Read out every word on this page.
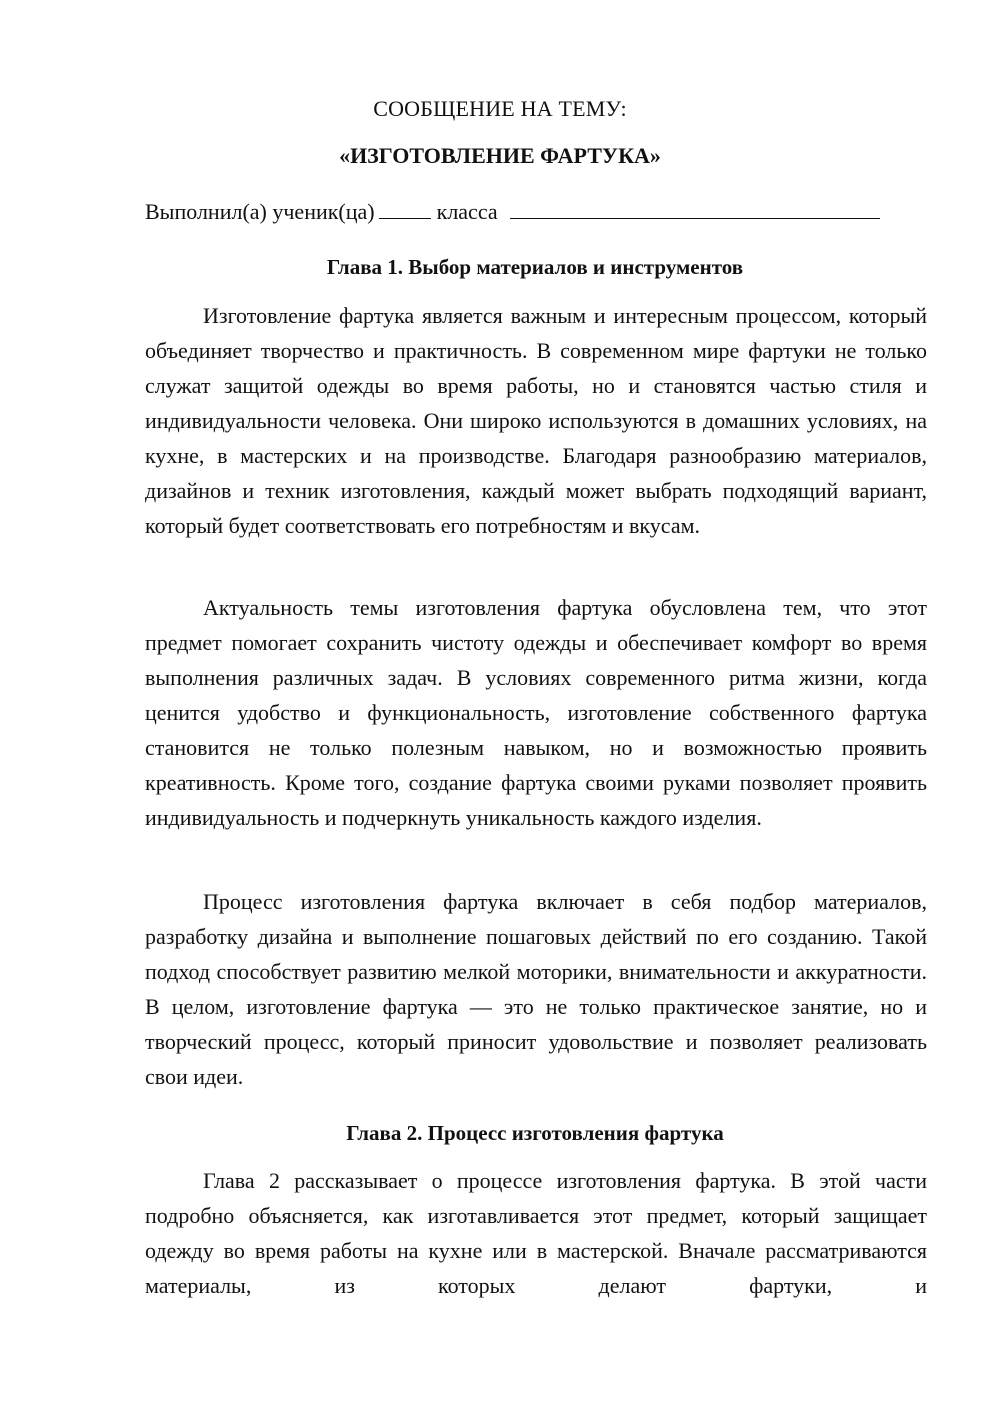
СООБЩЕНИЕ НА ТЕМУ:
«ИЗГОТОВЛЕНИЕ ФАРТУКА»
Выполнил(а) ученик(ца)	класса
Глава 1. Выбор материалов и инструментов

Изготовление фартука является важным и интересным процессом, который объединяет творчество и практичность. В современном мире фартуки не только служат защитой одежды во время работы, но и становятся частью стиля и индивидуальности человека. Они широко используются в домашних условиях, на кухне, в мастерских и на производстве. Благодаря разнообразию материалов, дизайнов и техник изготовления, каждый может выбрать подходящий вариант, который будет соответствовать его потребностям и вкусам.

Актуальность темы изготовления фартука обусловлена тем, что этот предмет помогает сохранить чистоту одежды и обеспечивает комфорт во время выполнения различных задач. В условиях современного ритма жизни, когда ценится удобство и функциональность, изготовление собственного фартука становится не только полезным навыком, но и возможностью проявить креативность. Кроме того, создание фартука своими руками позволяет проявить индивидуальность и подчеркнуть уникальность каждого изделия.

Процесс изготовления фартука включает в себя подбор материалов, разработку дизайна и выполнение пошаговых действий по его созданию. Такой подход способствует развитию мелкой моторики, внимательности и аккуратности. В целом, изготовление фартука — это не только практическое занятие, но и творческий процесс, который приносит удовольствие и позволяет реализовать свои идеи.

Глава 2. Процесс изготовления фартука

Глава 2 рассказывает о процессе изготовления фартука. В этой части подробно объясняется, как изготавливается этот предмет, который защищает одежду во время работы на кухне или в мастерской. Вначале рассматриваются материалы, из которых делают фартуки, и
